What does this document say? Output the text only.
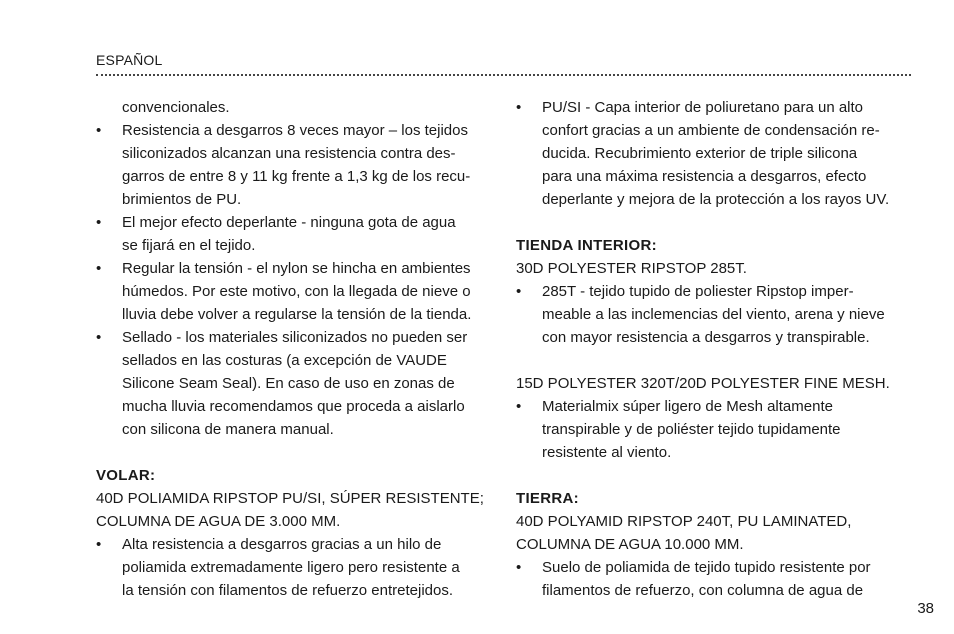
ESPAÑOL
convencionales.
• Resistencia a desgarros 8 veces mayor – los tejidos
siliconizados alcanzan una resistencia contra des-
garros de entre 8 y 11 kg frente a 1,3 kg de los recu-
brimientos de PU.
• El mejor efecto deperlante - ninguna gota de agua
se fijará en el tejido.
• Regular la tensión - el nylon se hincha en ambientes
húmedos. Por este motivo, con la llegada de nieve o
lluvia debe volver a regularse la tensión de la tienda.
• Sellado - los materiales siliconizados no pueden ser
sellados en las costuras (a excepción de VAUDE
Silicone Seam Seal). En caso de uso en zonas de
mucha lluvia recomendamos que proceda a aislarlo
con silicona de manera manual.
VOLAR:
40D POLIAMIDA RIPSTOP PU/SI, SÚPER RESISTENTE;
COLUMNA DE AGUA DE 3.000 MM.
• Alta resistencia a desgarros gracias a un hilo de
poliamida extremadamente ligero pero resistente a
la tensión con filamentos de refuerzo entretejidos.
• PU/SI - Capa interior de poliuretano para un alto
confort gracias a un ambiente de condensación re-
ducida. Recubrimiento exterior de triple silicona
para una máxima resistencia a desgarros, efecto
deperlante y mejora de la protección a los rayos UV.
TIENDA INTERIOR:
30D POLYESTER RIPSTOP 285T.
• 285T - tejido tupido de poliester Ripstop imper-
meable a las inclemencias del viento, arena y nieve
con mayor resistencia a desgarros y transpirable.
15D POLYESTER 320T/20D POLYESTER FINE MESH.
• Materialmix súper ligero de Mesh altamente
transpirable y de poliéster tejido tupidamente
resistente al viento.
TIERRA:
40D POLYAMID RIPSTOP 240T, PU LAMINATED,
COLUMNA DE AGUA 10.000 MM.
• Suelo de poliamida de tejido tupido resistente por
filamentos de refuerzo, con columna de agua de
38
